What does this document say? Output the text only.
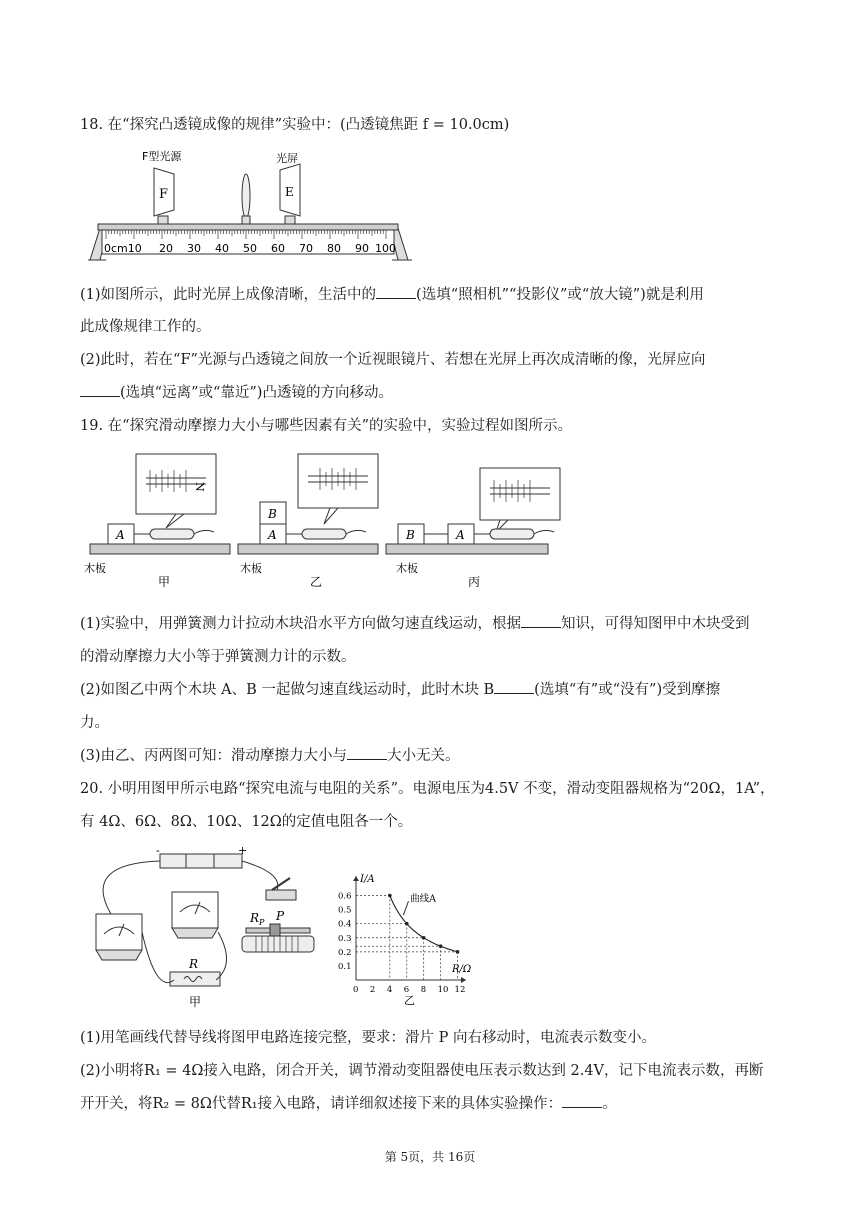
18. 在“探究凸透镜成像的规律”实验中：(凸透镜焦距 f = 10.0cm)
0cm10 20 30 40 50 60 70 80 90 100
F型光源
F
光屏
E
(1)如图所示，此时光屏上成像清晰，生活中的	(选填“照相机”“投影仪”或“放大镜”)就是利用
此成像规律工作的。
(2)此时，若在“F”光源与凸透镜之间放一个近视眼镜片、若想在光屏上再次成清晰的像，光屏应向
(选填“远离”或“靠近”)凸透镜的方向移动。
19. 在“探究滑动摩擦力大小与哪些因素有关”的实验中，实验过程如图所示。
N
A
木板
甲
B
A
木板
乙
B	A
木板
丙
(1)实验中，用弹簧测力计拉动木块沿水平方向做匀速直线运动，根据	知识，可得知图甲中木块受到
的滑动摩擦力大小等于弹簧测力计的示数。
(2)如图乙中两个木块 A、B 一起做匀速直线运动时，此时木块 B	(选填“有”或“没有”)受到摩擦
力。
(3)由乙、丙两图可知：滑动摩擦力大小与	大小无关。
20. 小明用图甲所示电路“探究电流与电阻的关系”。电源电压为4.5V 不变，滑动变阻器规格为“20Ω，1A”，
有 4Ω、6Ω、8Ω、10Ω、12Ω的定值电阻各一个。
-	+
$R_P$ P
R
甲
I/A
R/Ω
0.6
0.5
0.4
0.3
0.2
0.1
0 2 4 6 8 10 12
曲线A
乙
(1)用笔画线代替导线将图甲电路连接完整，要求：滑片 P 向右移动时，电流表示数变小。
(2)小明将R₁ = 4Ω接入电路，闭合开关，调节滑动变阻器使电压表示数达到 2.4V，记下电流表示数，再断
开开关，将R₂ = 8Ω代替R₁接入电路，请详细叙述接下来的具体实验操作：	。
第 5页，共 16页
